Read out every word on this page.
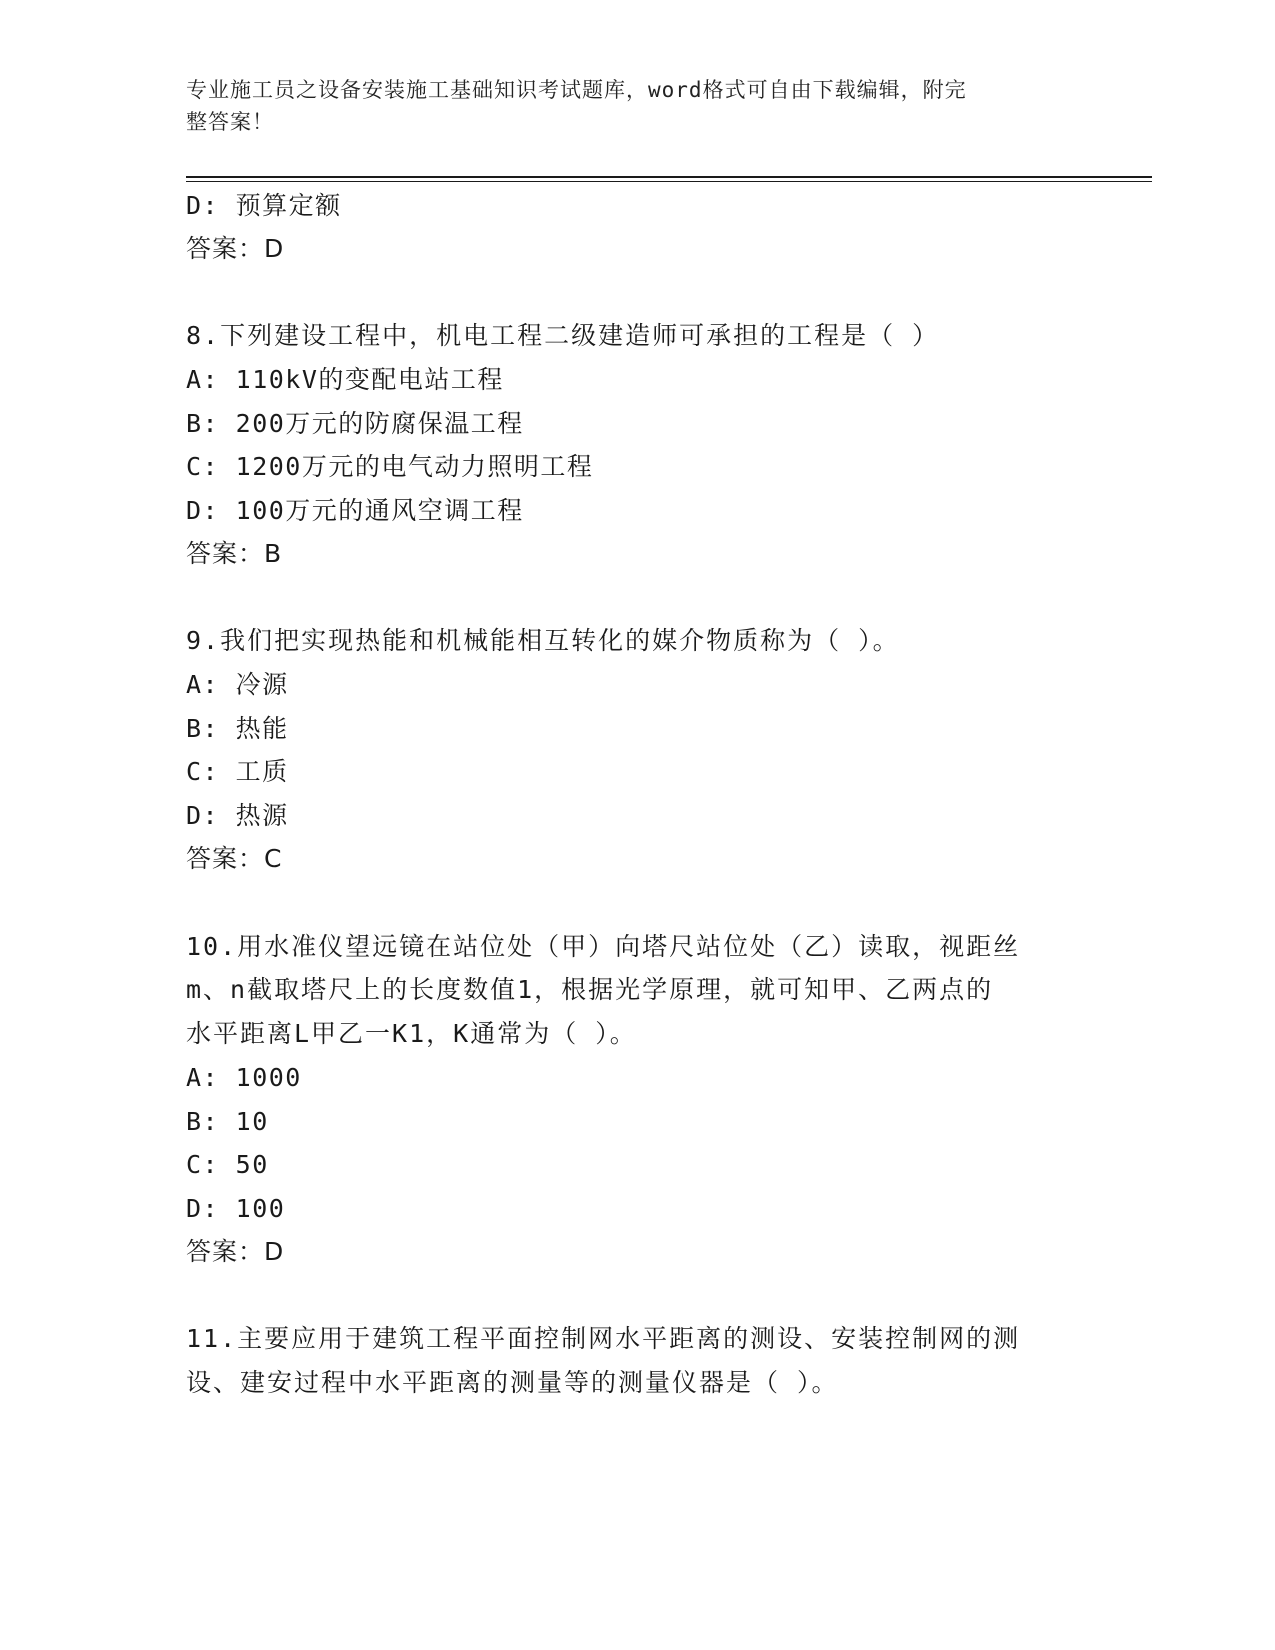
专业施工员之设备安装施工基础知识考试题库，word格式可自由下载编辑，附完
整答案！
D: 预算定额
答案：D
8.下列建设工程中，机电工程二级建造师可承担的工程是（ ）
A: 110kV的变配电站工程
B: 200万元的防腐保温工程
C: 1200万元的电气动力照明工程
D: 100万元的通风空调工程
答案：B
9.我们把实现热能和机械能相互转化的媒介物质称为（ ）。
A: 冷源
B: 热能
C: 工质
D: 热源
答案：C
10.用水准仪望远镜在站位处（甲）向塔尺站位处（乙）读取，视距丝
m、n截取塔尺上的长度数值1，根据光学原理，就可知甲、乙两点的
水平距离L甲乙一K1，K通常为（ ）。
A: 1000
B: 10
C: 50
D: 100
答案：D
11.主要应用于建筑工程平面控制网水平距离的测设、安装控制网的测
设、建安过程中水平距离的测量等的测量仪器是（ ）。
